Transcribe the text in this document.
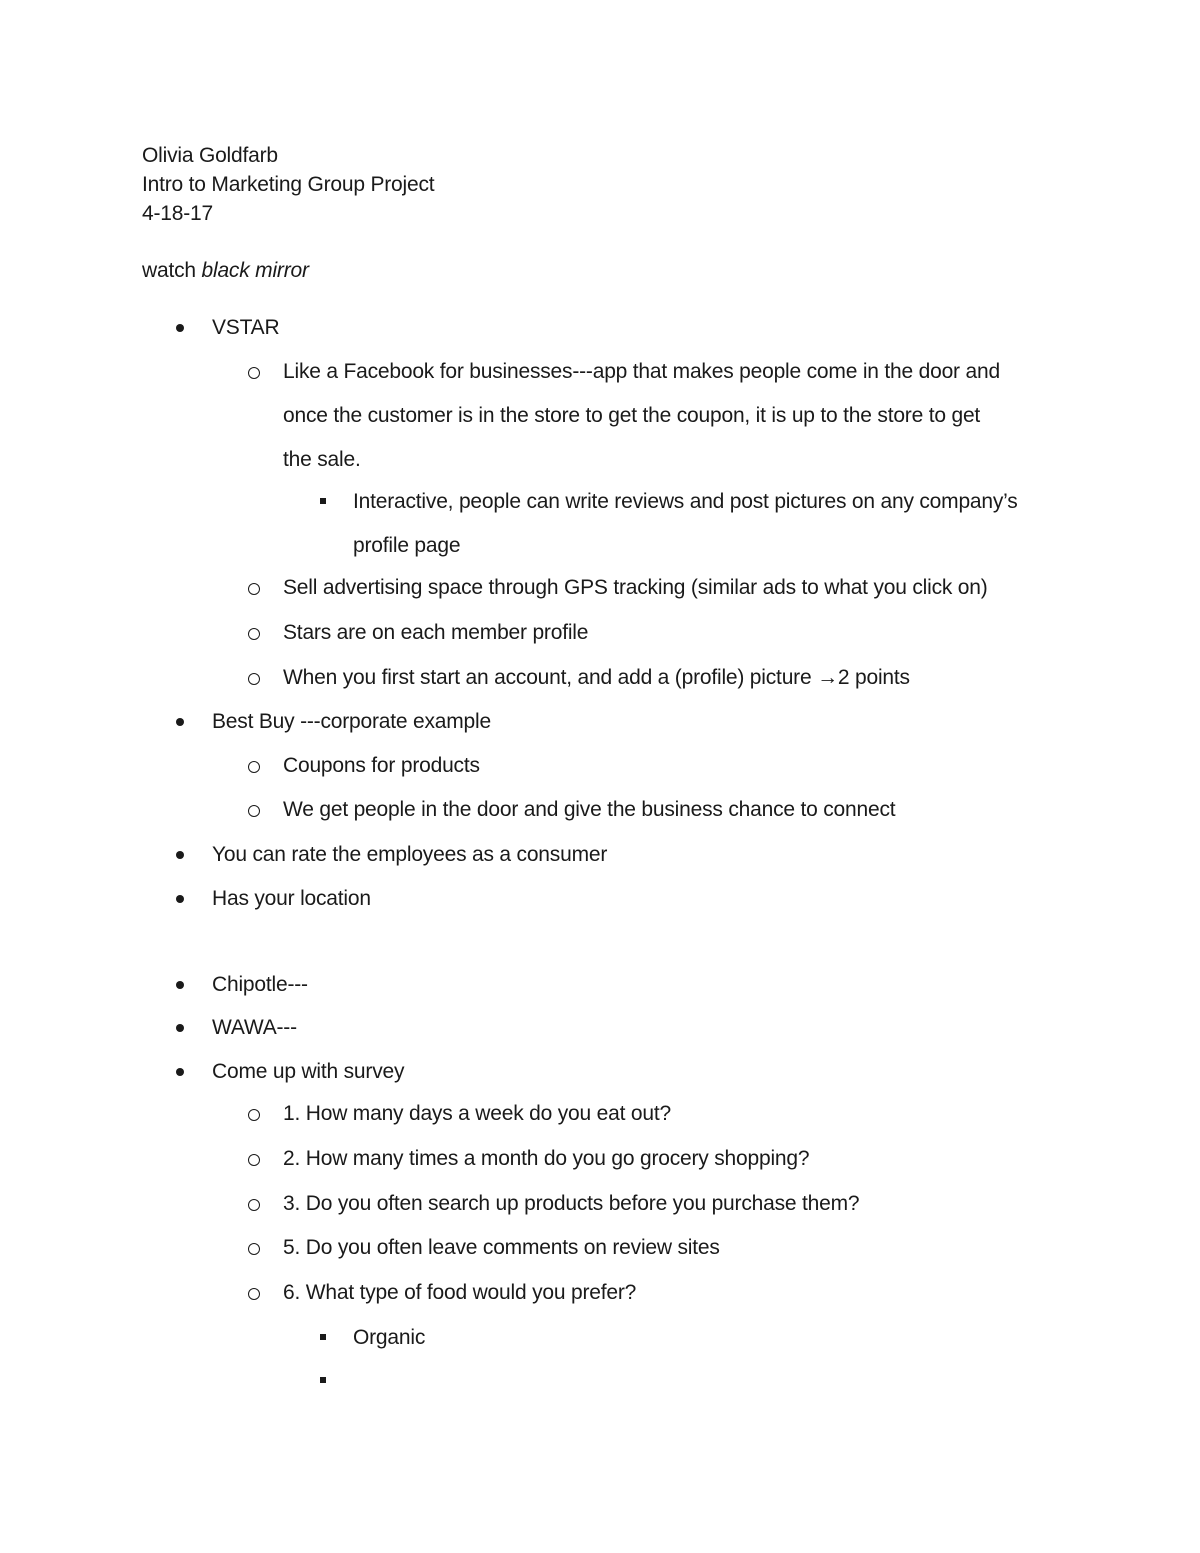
Olivia Goldfarb
Intro to Marketing Group Project
4-18-17
watch black mirror
VSTAR
Like a Facebook for businesses---app that makes people come in the door and
once the customer is in the store to get the coupon, it is up to the store to get
the sale.
Interactive, people can write reviews and post pictures on any company’s
profile page
Sell advertising space through GPS tracking (similar ads to what you click on)
Stars are on each member profile
When you first start an account, and add a (profile) picture →2 points
Best Buy ---corporate example
Coupons for products
We get people in the door and give the business chance to connect
You can rate the employees as a consumer
Has your location
Chipotle---
WAWA---
Come up with survey
1. How many days a week do you eat out?
2. How many times a month do you go grocery shopping?
3. Do you often search up products before you purchase them?
5. Do you often leave comments on review sites
6. What type of food would you prefer?
Organic
